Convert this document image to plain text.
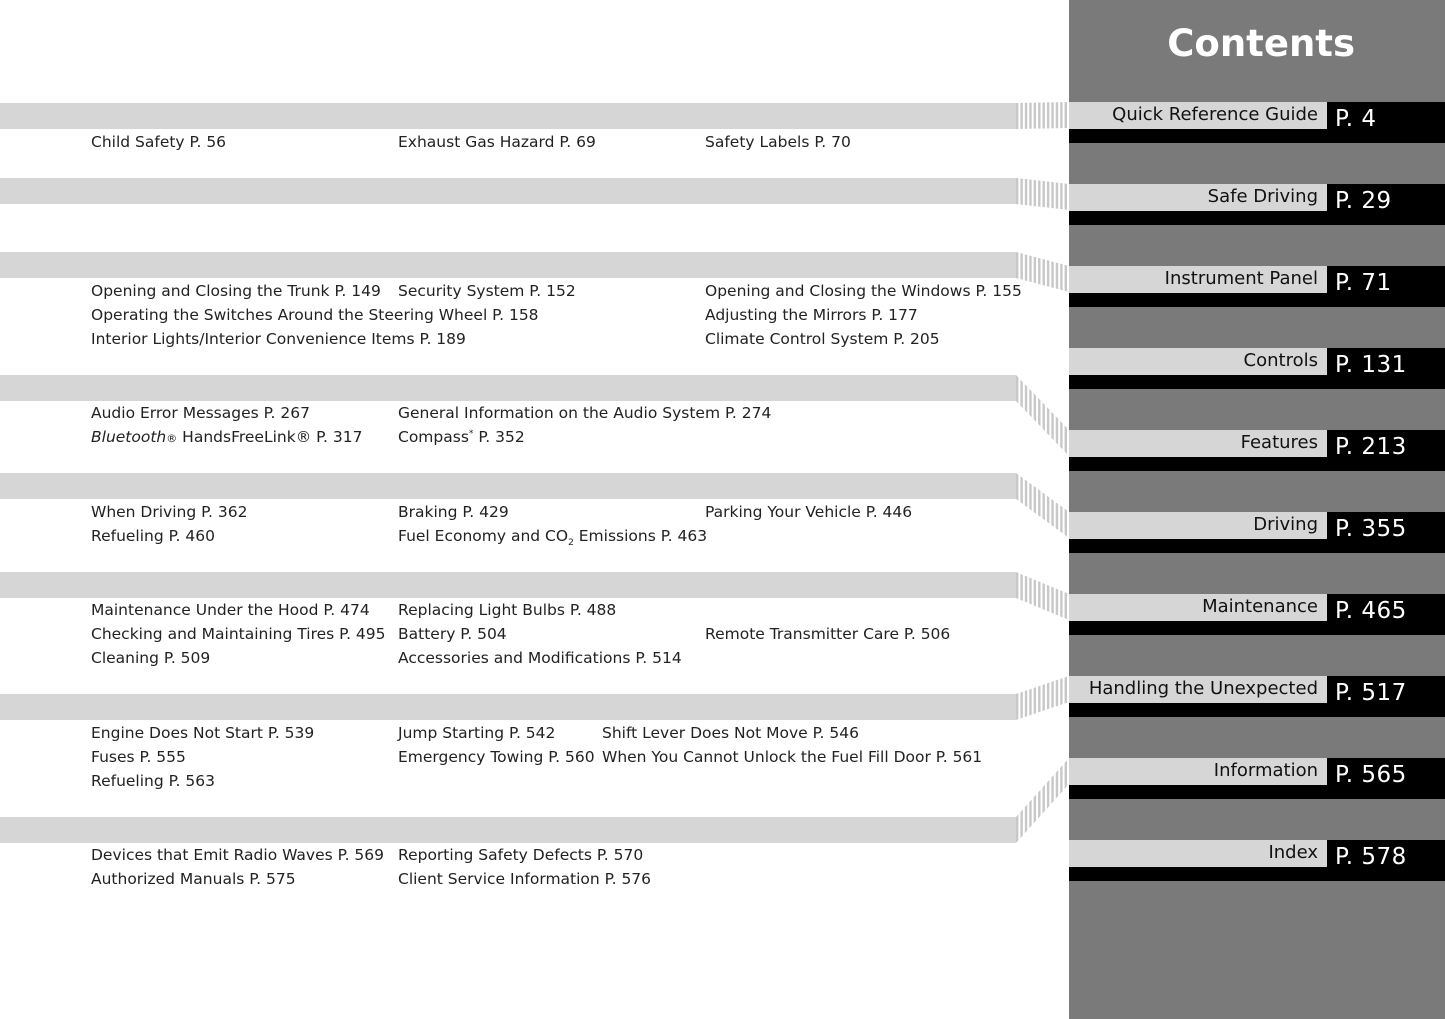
Child Safety P. 56	Exhaust Gas Hazard P. 69	Safety Labels P. 70
Opening and Closing the Trunk P. 149 Security System P. 152	Opening and Closing the Windows P. 155
Operating the Switches Around the Steering Wheel P. 158	Adjusting the Mirrors P. 177
Interior Lights/Interior Convenience Items P. 189	Climate Control System P. 205
Audio Error Messages P. 267	General Information on the Audio System P. 274
Bluetooth® HandsFreeLink® P. 317 Compass* P. 352
When Driving P. 362	Braking P. 429	Parking Your Vehicle P. 446
Refueling P. 460	Fuel Economy and $CO_2$ Emissions P. 463
Maintenance Under the Hood P. 474 Replacing Light Bulbs P. 488
Checking and Maintaining Tires P. 495 Battery P. 504	Remote Transmitter Care P. 506
Cleaning P. 509	Accessories and Modifications P. 514
Engine Does Not Start P. 539	Jump Starting P. 542	Shift Lever Does Not Move P. 546
Fuses P. 555	Emergency Towing P. 560 When You Cannot Unlock the Fuel Fill Door P. 561
Refueling P. 563
Devices that Emit Radio Waves P. 569 Reporting Safety Defects P. 570
Authorized Manuals P. 575	Client Service Information P. 576
Contents
Quick Reference Guide P. 4
Safe Driving P. 29
Instrument Panel P. 71
Controls P. 131
Features P. 213
Driving P. 355
Maintenance P. 465
Handling the Unexpected P. 517
Information P. 565
Index P. 578
